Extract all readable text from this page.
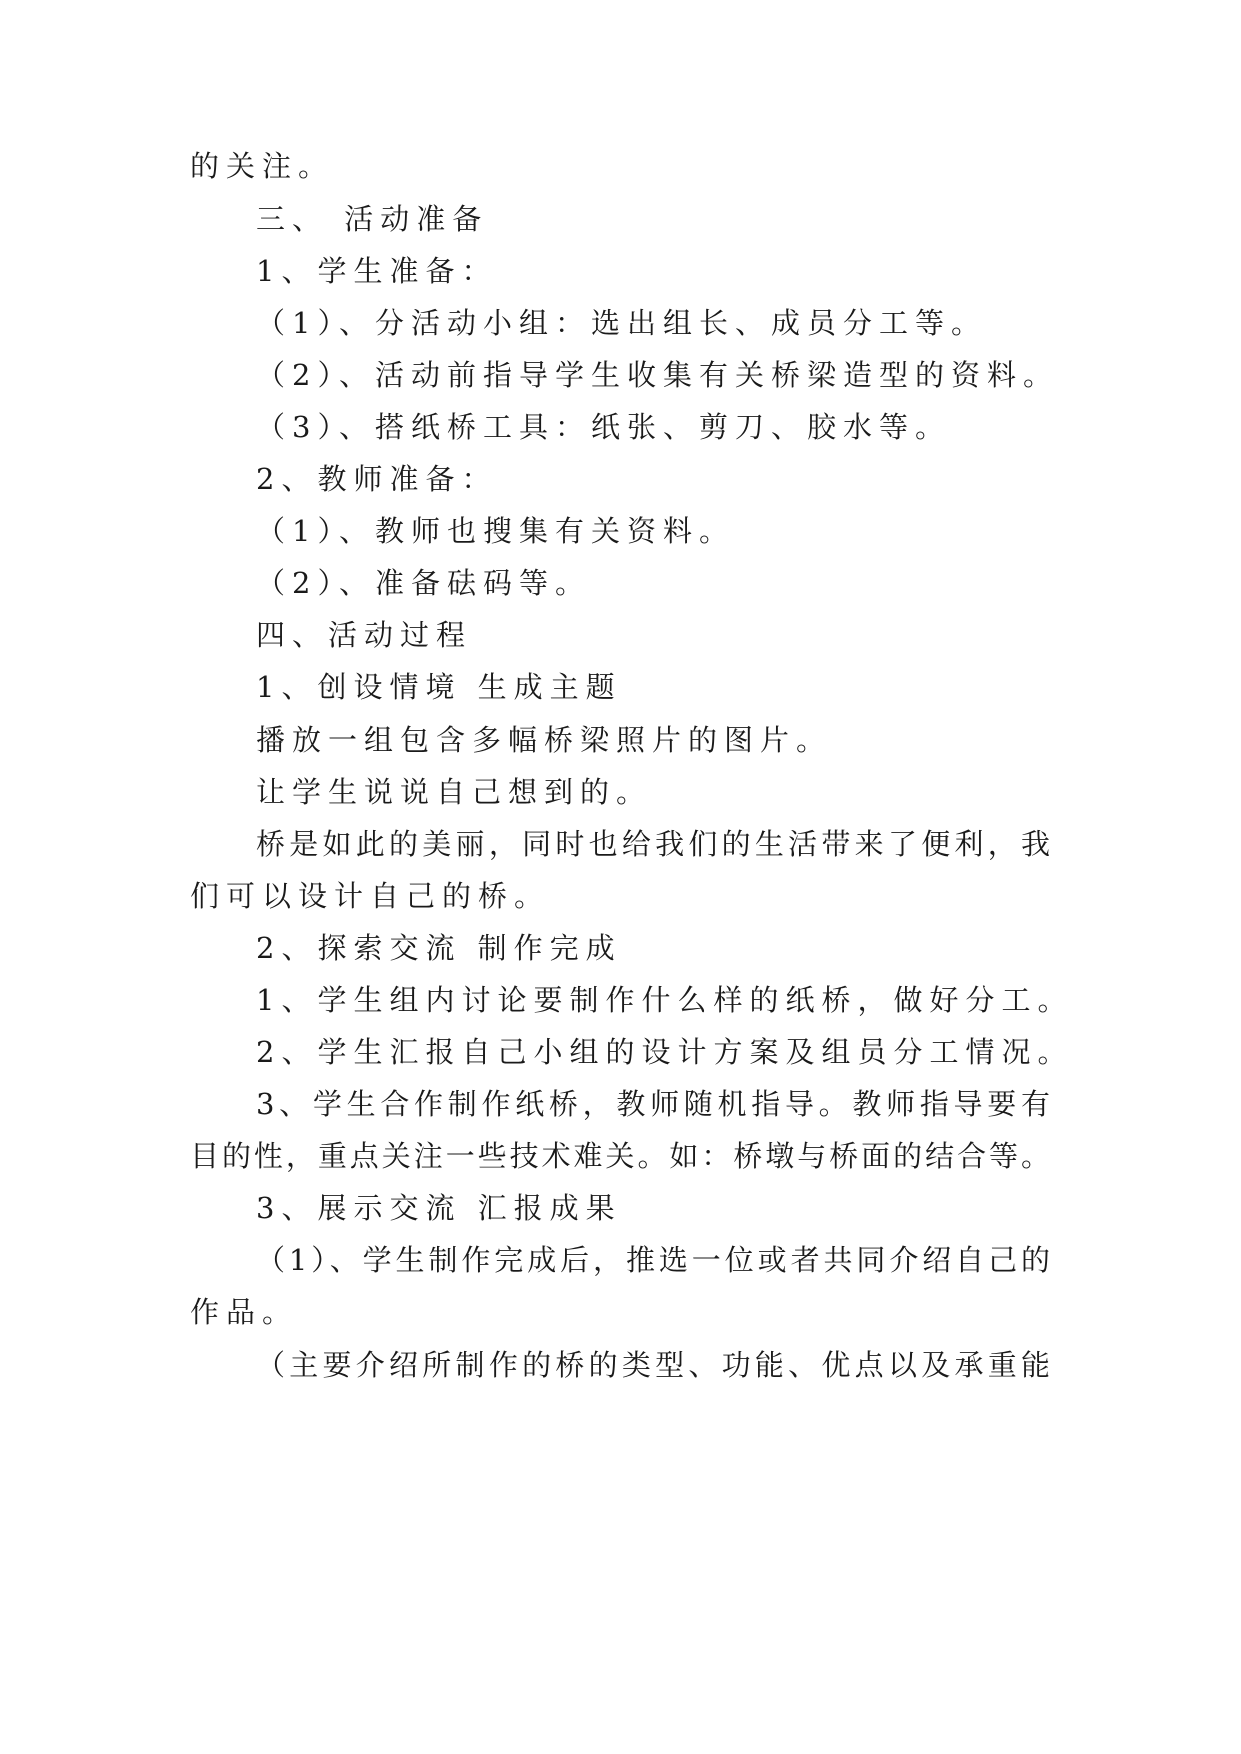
的关注。
三、 活动准备
1、学生准备：
（1）、分活动小组：选出组长、成员分工等。
（2）、活动前指导学生收集有关桥梁造型的资料。
（3）、搭纸桥工具：纸张、剪刀、胶水等。
2、教师准备：
（1）、教师也搜集有关资料。
（2）、准备砝码等。
四、活动过程
1、创设情境 生成主题
播放一组包含多幅桥梁照片的图片。
让学生说说自己想到的。
桥是如此的美丽，同时也给我们的生活带来了便利，我
们可以设计自己的桥。
2、探索交流 制作完成
1、学生组内讨论要制作什么样的纸桥，做好分工。
2、学生汇报自己小组的设计方案及组员分工情况。
3、学生合作制作纸桥，教师随机指导。教师指导要有
目的性，重点关注一些技术难关。如：桥墩与桥面的结合等。
3、展示交流 汇报成果
（1）、学生制作完成后，推选一位或者共同介绍自己的
作品。
（主要介绍所制作的桥的类型、功能、优点以及承重能
